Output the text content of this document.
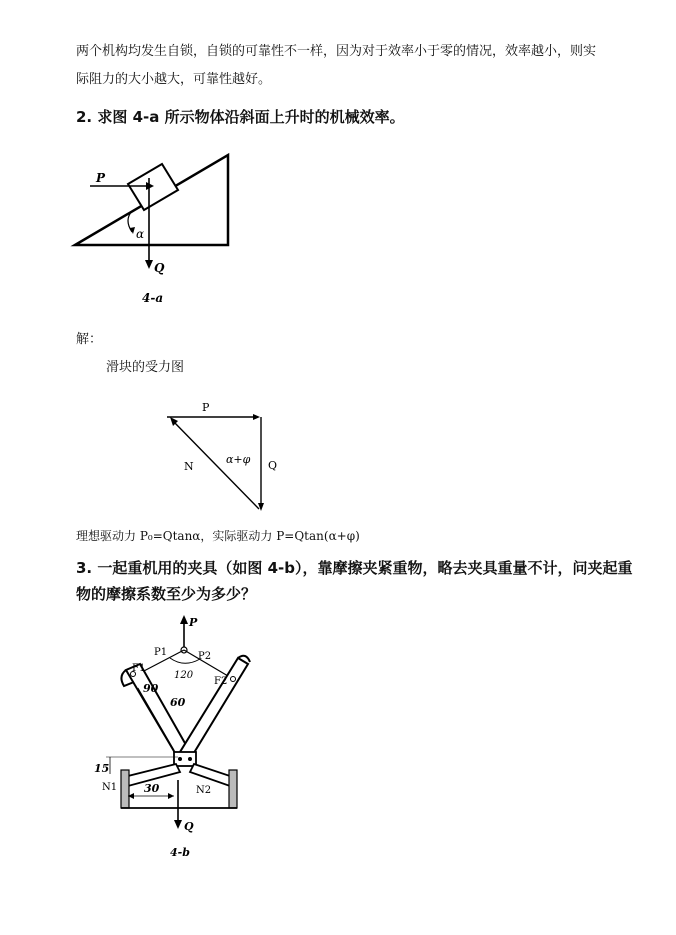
两个机构均发生自锁，自锁的可靠性不一样，因为对于效率小于零的情况，效率越小，则实
际阻力的大小越大，可靠性越好。
2. 求图 4-a 所示物体沿斜面上升时的机械效率。
P
α
Q
4-a
解：
滑块的受力图
P
N	Q
α+φ
理想驱动力 P₀=Qtanα，实际驱动力 P=Qtan(α+φ)
3. 一起重机用的夹具（如图 4-b），靠摩擦夹紧重物，略去夹具重量不计，问夹起重
物的摩擦系数至少为多少？
P
P1	P2
120
F1
F2
90
60
15
N1 30	N2
Q
4-b
